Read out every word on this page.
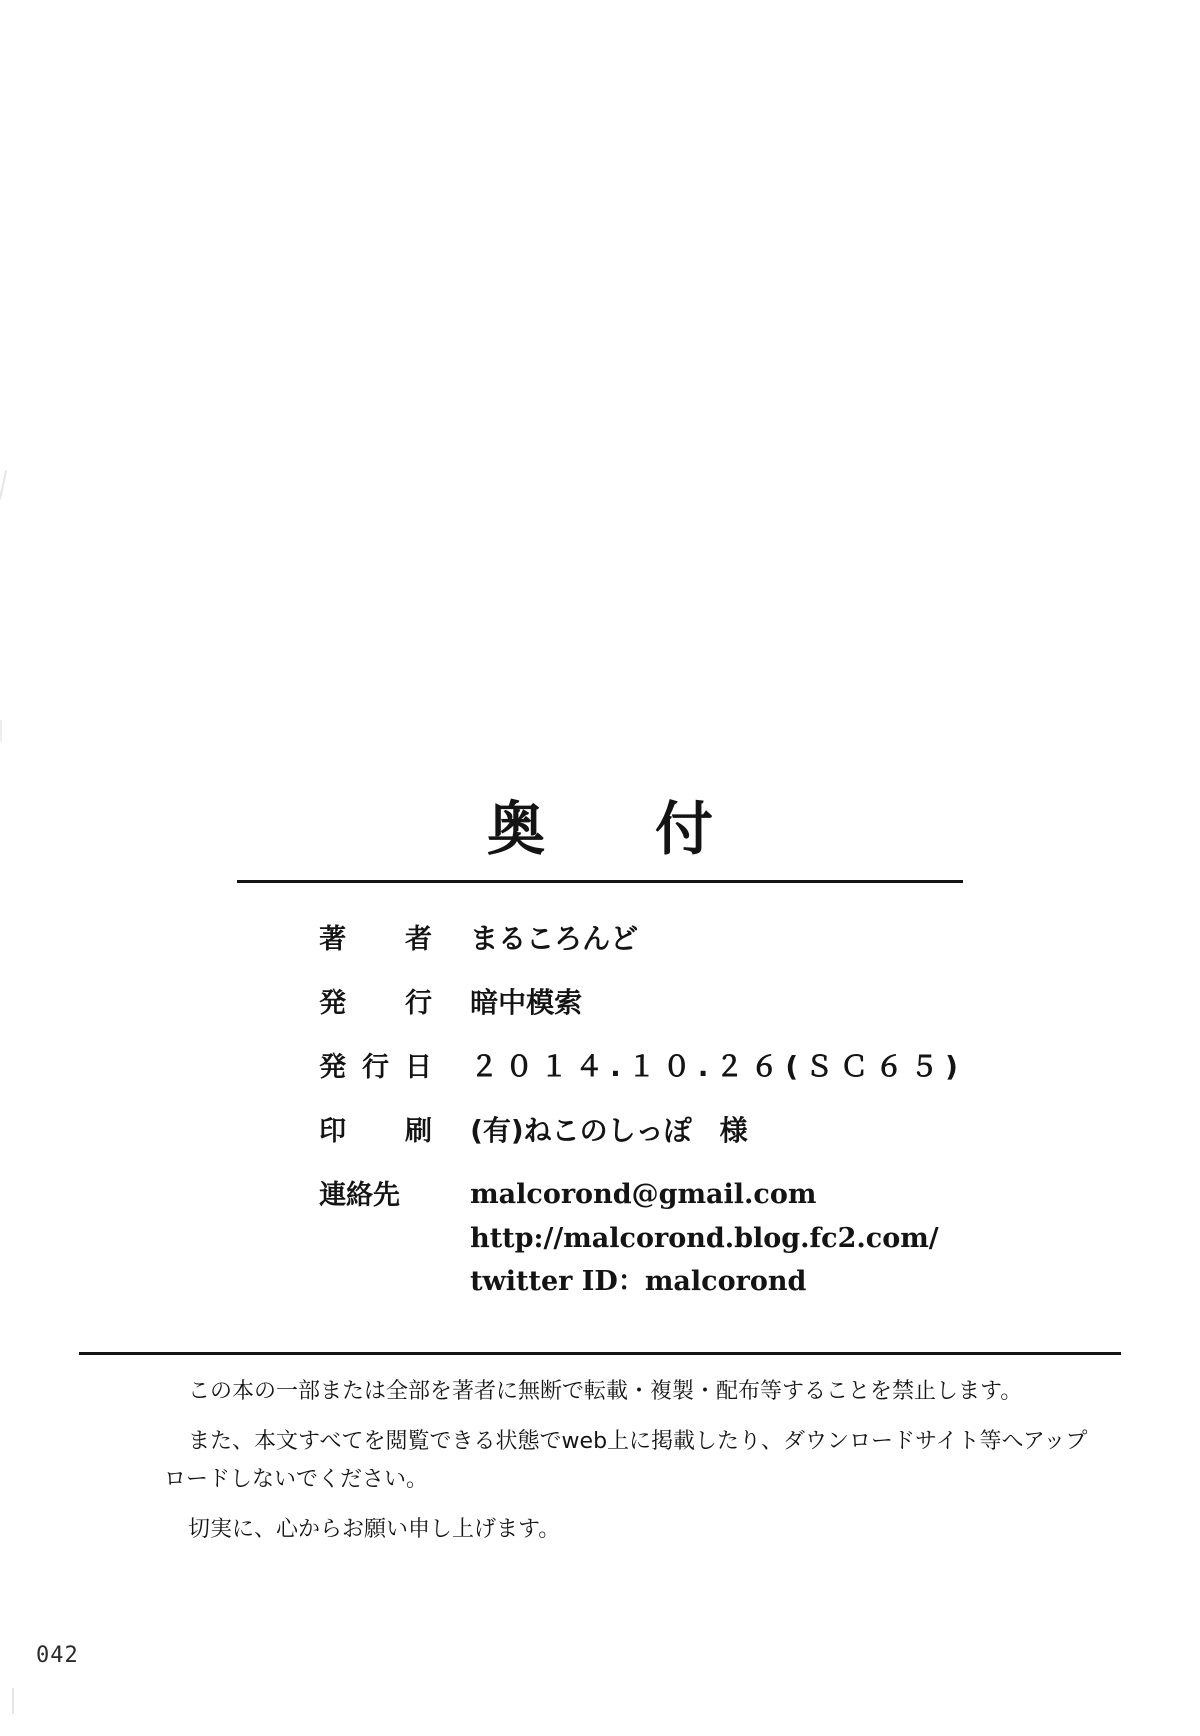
奥　付
著　者	まるころんど
発　行	暗中模索
発行日	２０１４.１０.２６(ＳＣ６５)
印　刷	(有)ねこのしっぽ　様
連絡先	malcorond@gmail.com
http://malcorond.blog.fc2.com/
twitter ID：malcorond

この本の一部または全部を著者に無断で転載・複製・配布等することを禁止します。

また、本文すべてを閲覧できる状態でweb上に掲載したり、ダウンロードサイト等へアップロードしないでください。

切実に、心からお願い申し上げます。

042
